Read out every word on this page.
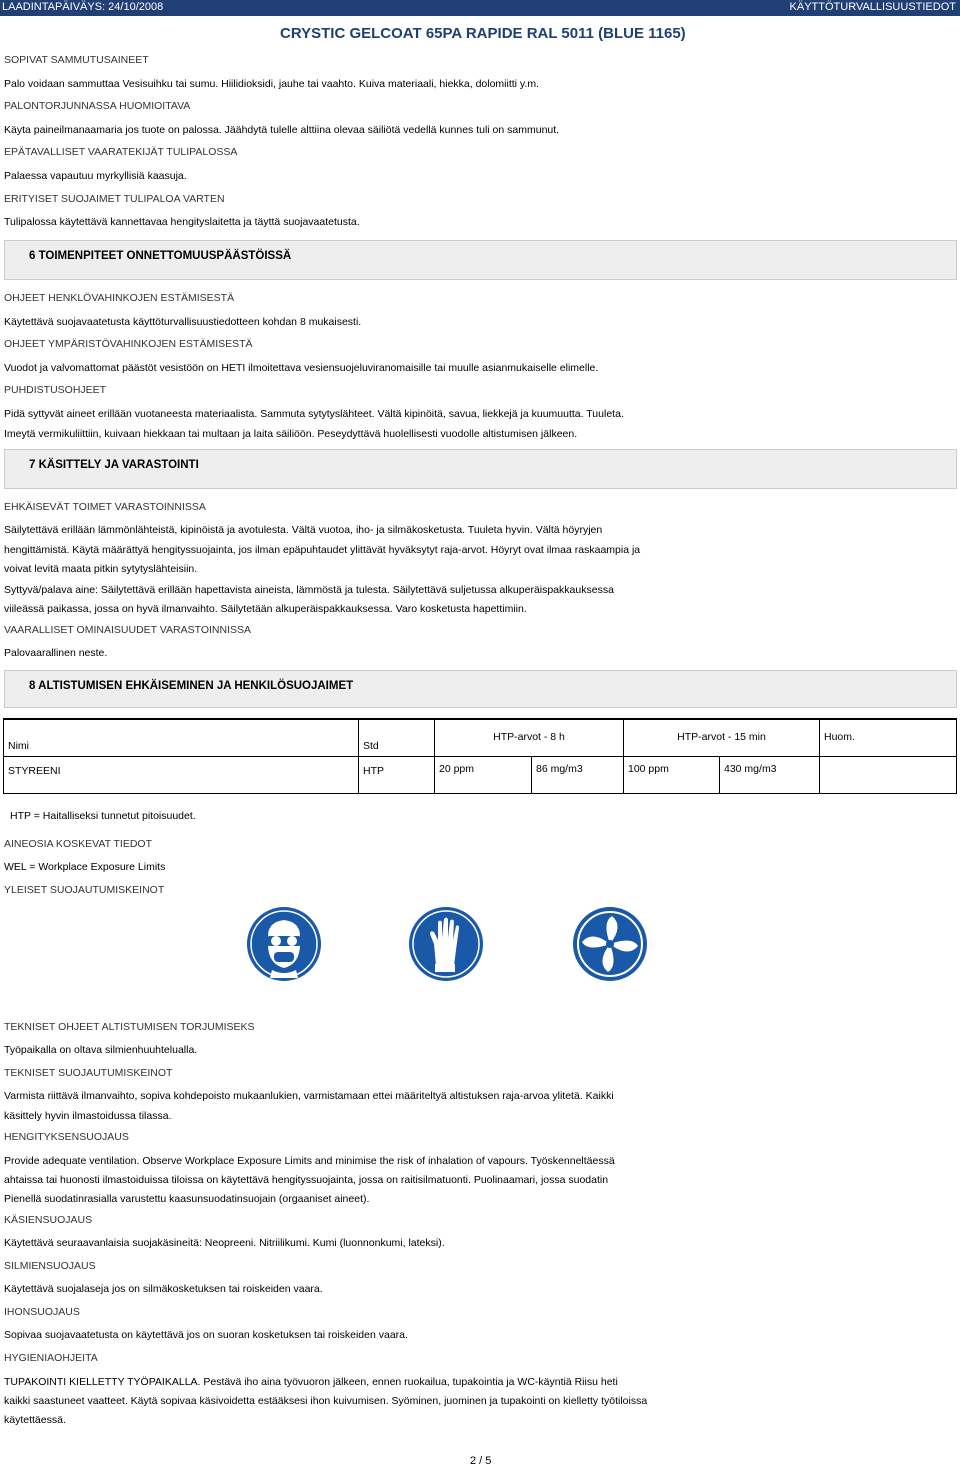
LAADINTAPÄIVÄYS: 24/10/2008	KÄYTTÖTURVALLISUUSTIEDOT
CRYSTIC GELCOAT 65PA RAPIDE RAL 5011 (BLUE 1165)
SOPIVAT SAMMUTUSAINEET
Palo voidaan sammuttaa Vesisuihku tai sumu. Hiilidioksidi, jauhe tai vaahto. Kuiva materiaali, hiekka, dolomiitti y.m.
PALONTORJUNNASSA HUOMIOITAVA
Käyta paineilmanaamaria jos tuote on palossa. Jäähdytä tulelle alttiina olevaa säiliötä vedellä kunnes tuli on sammunut.
EPÄTAVALLISET VAARATEKIJÄT TULIPALOSSA
Palaessa vapautuu myrkyllisiä kaasuja.
ERITYISET SUOJAIMET TULIPALOA VARTEN
Tulipalossa käytettävä kannettavaa hengityslaitetta ja täyttä suojavaatetusta.
6 TOIMENPITEET ONNETTOMUUSPÄÄSTÖISSÄ
OHJEET HENKLÖVAHINKOJEN ESTÄMISESTÄ
Käytettävä suojavaatetusta käyttöturvallisuustiedotteen kohdan 8 mukaisesti.
OHJEET YMPÄRISTÖVAHINKOJEN ESTÄMISESTÄ
Vuodot ja valvomattomat päästöt vesistöön on HETI ilmoitettava vesiensuojeluviranomaisille tai muulle asianmukaiselle elimelle.
PUHDISTUSOHJEET
Pidä syttyvät aineet erillään vuotaneesta materiaalista. Sammuta sytytyslähteet. Vältä kipinöitä, savua, liekkejä ja kuumuutta. Tuuleta.
Imeytä vermikuliittiin, kuivaan hiekkaan tai multaan ja laita säiliöön. Peseydyttävä huolellisesti vuodolle altistumisen jälkeen.
7 KÄSITTELY JA VARASTOINTI
EHKÄISEVÄT TOIMET VARASTOINNISSA
Säilytettävä erillään lämmönlähteistä, kipinöistä ja avotulesta. Vältä vuotoa, iho- ja silmäkosketusta. Tuuleta hyvin. Vältä höyryjen
hengittämistä. Käytä määrättyä hengityssuojainta, jos ilman epäpuhtaudet ylittävät hyväksytyt raja-arvot. Höyryt ovat ilmaa raskaampia ja
voivat levitä maata pitkin sytytyslähteisiin.
Syttyvä/palava aine: Säilytettävä erillään hapettavista aineista, lämmöstä ja tulesta. Säilytettävä suljetussa alkuperäispakkauksessa
viileässä paikassa, jossa on hyvä ilmanvaihto. Säilytetään alkuperäispakkauksessa. Varo kosketusta hapettimiin.
VAARALLISET OMINAISUUDET VARASTOINNISSA
Palovaarallinen neste.
8 ALTISTUMISEN EHKÄISEMINEN JA HENKILÖSUOJAIMET
Nimi	Std	HTP-arvot - 8 h		HTP-arvot - 15 min		Huom.
STYREENI	HTP	20 ppm	86 mg/m3	100 ppm	430 mg/m3	
HTP = Haitalliseksi tunnetut pitoisuudet.
AINEOSIA KOSKEVAT TIEDOT
WEL = Workplace Exposure Limits
YLEISET SUOJAUTUMISKEINOT
TEKNISET OHJEET ALTISTUMISEN TORJUMISEKS
Työpaikalla on oltava silmienhuuhtelualla.
TEKNISET SUOJAUTUMISKEINOT
Varmista riittävä ilmanvaihto, sopiva kohdepoisto mukaanlukien, varmistamaan ettei määriteltyä altistuksen raja-arvoa ylitetä. Kaikki
käsittely hyvin ilmastoidussa tilassa.
HENGITYKSENSUOJAUS
Provide adequate ventilation. Observe Workplace Exposure Limits and minimise the risk of inhalation of vapours. Työskenneltäessä
ahtaissa tai huonosti ilmastoiduissa tiloissa on käytettävä hengityssuojainta, jossa on raitisilmatuonti. Puolinaamari, jossa suodatin
Pienellä suodatinrasialla varustettu kaasunsuodatinsuojain (orgaaniset aineet).
KÄSIENSUOJAUS
Käytettävä seuraavanlaisia suojakäsineitä: Neopreeni. Nitriilikumi. Kumi (luonnonkumi, lateksi).
SILMIENSUOJAUS
Käytettävä suojalaseja jos on silmäkosketuksen tai roiskeiden vaara.
IHONSUOJAUS
Sopivaa suojavaatetusta on käytettävä jos on suoran kosketuksen tai roiskeiden vaara.
HYGIENIAOHJEITA
TUPAKOINTI KIELLETTY TYÖPAIKALLA. Pestävä iho aina työvuoron jälkeen, ennen ruokailua, tupakointia ja WC-käyntiä Riisu heti
kaikki saastuneet vaatteet. Käytä sopivaa käsivoidetta estääksesi ihon kuivumisen. Syöminen, juominen ja tupakointi on kielletty työtiloissa
käytettäessä.
2 / 5
